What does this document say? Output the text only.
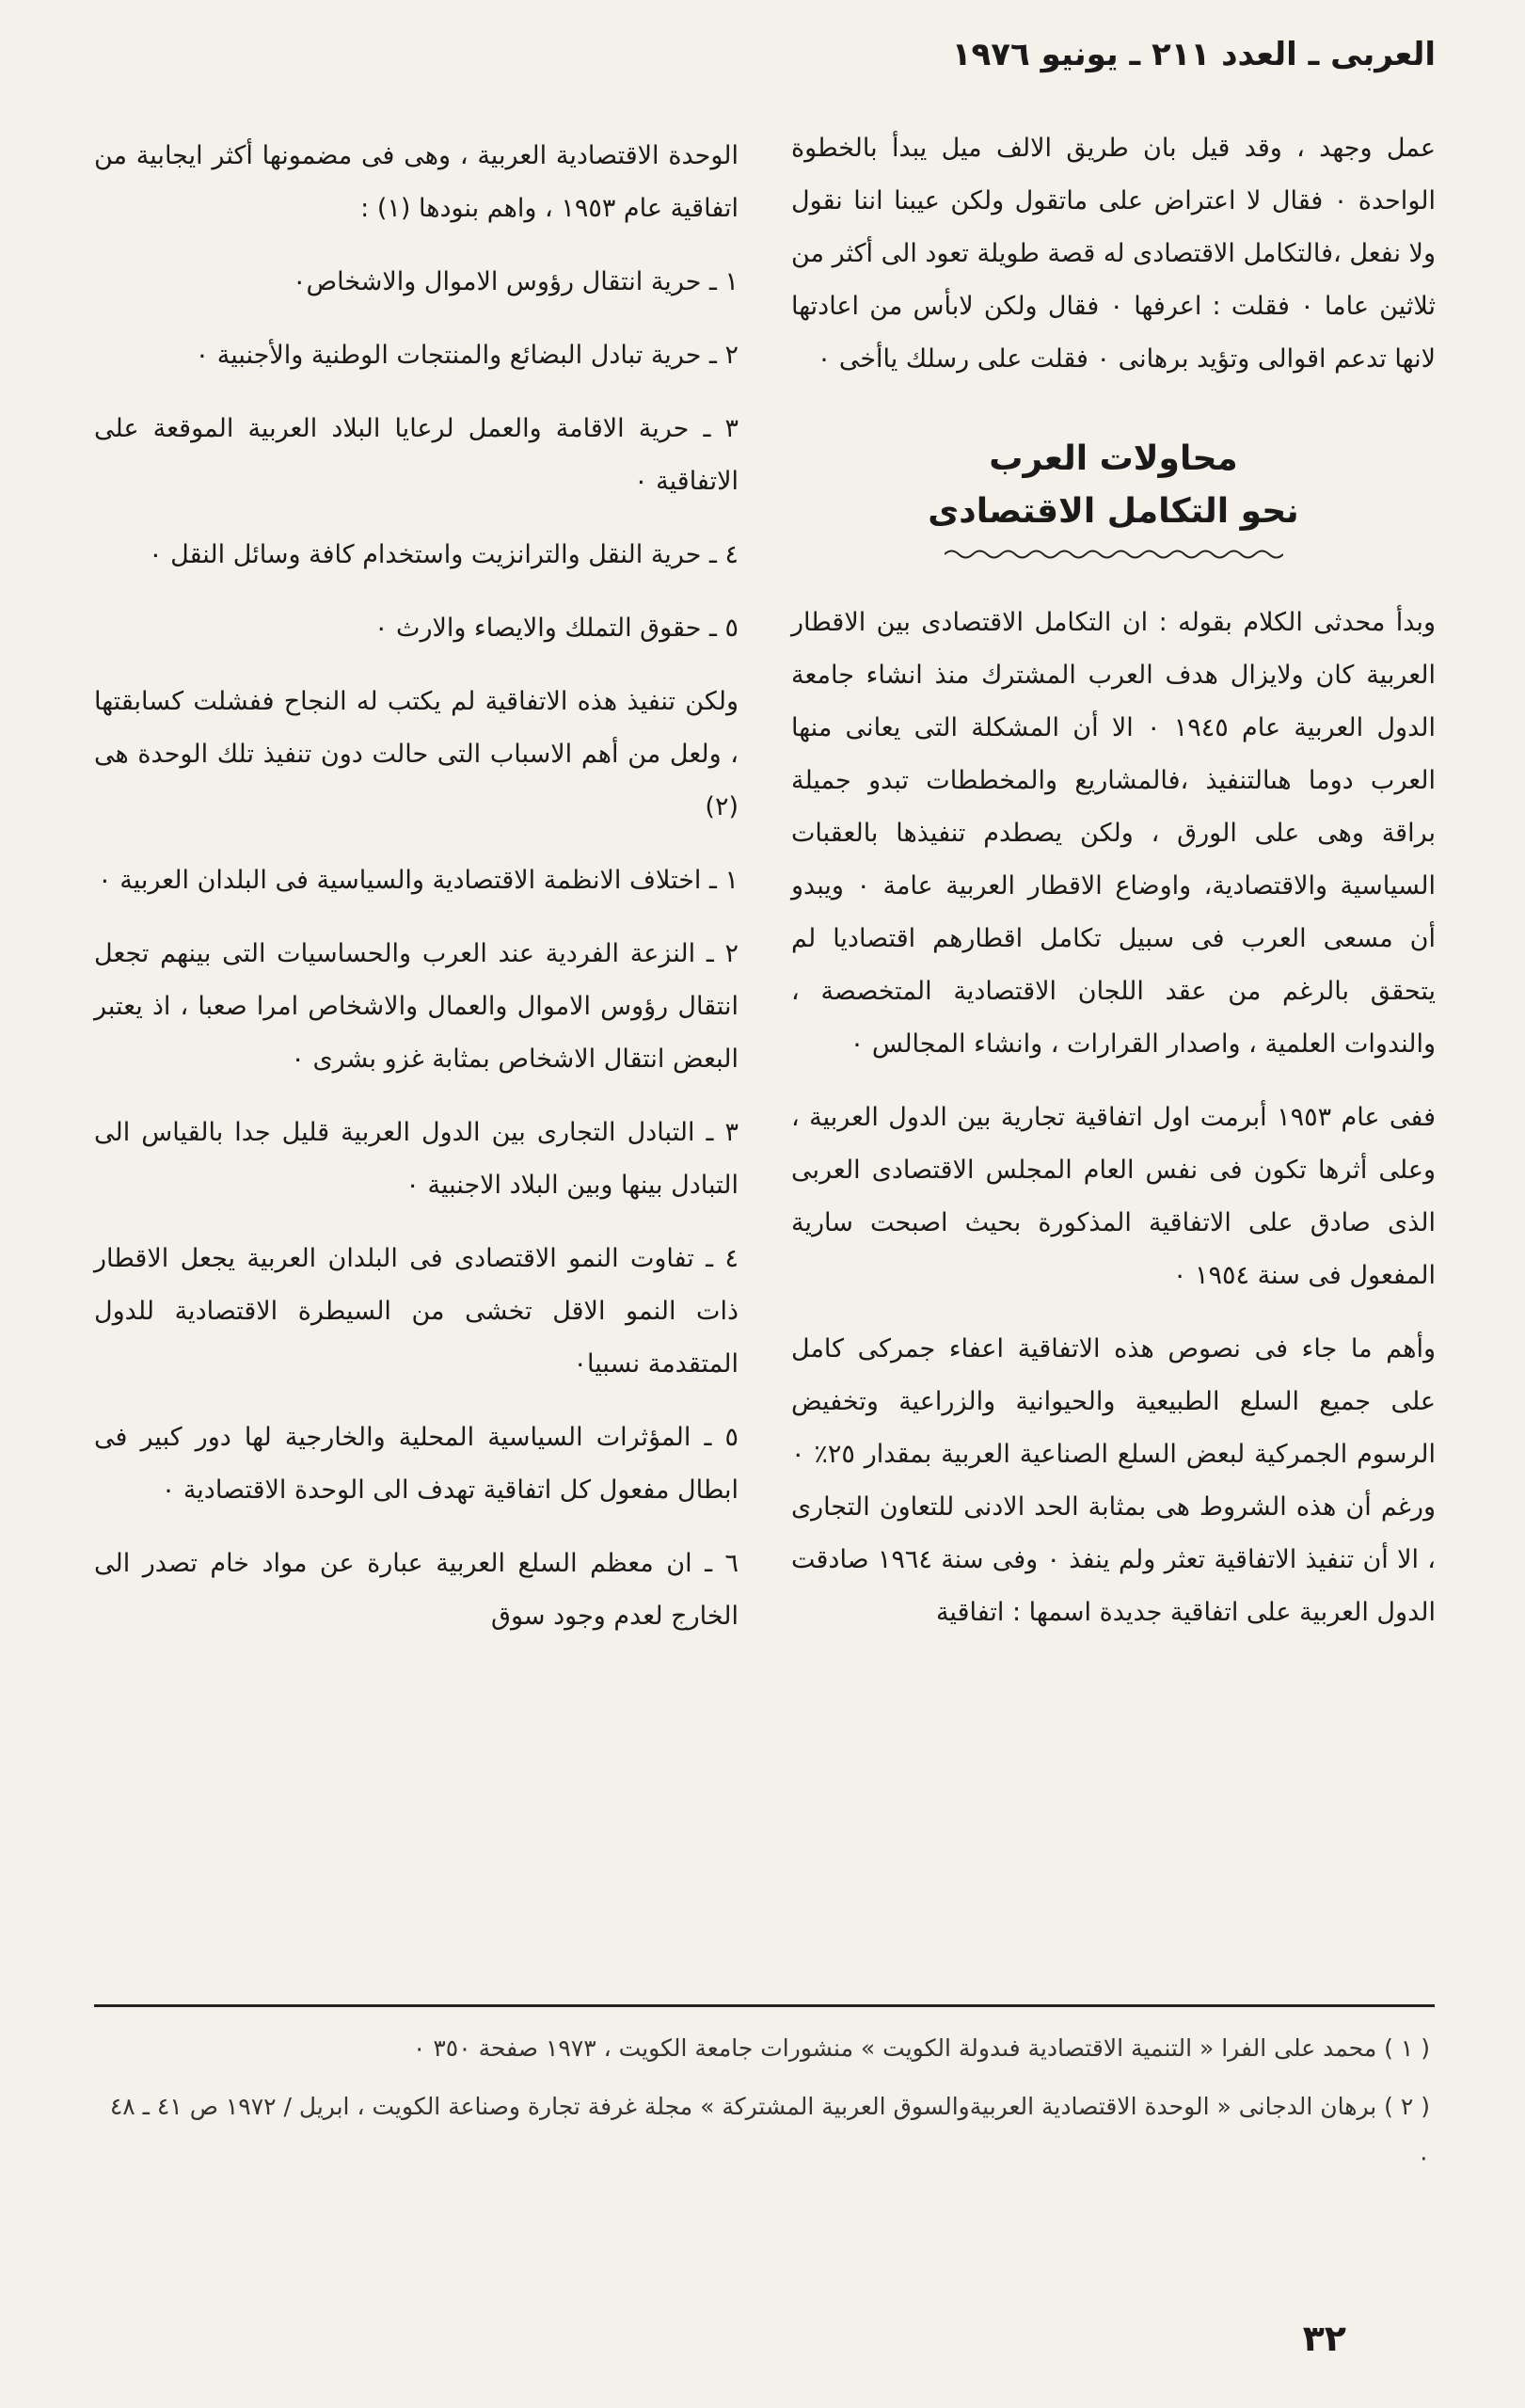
العربى ـ العدد ٢١١ ـ يونيو ١٩٧٦

عمل وجهد ، وقد قيل بان طريق الالف ميل يبدأ بالخطوة الواحدة ٠ فقال لا اعتراض على ماتقول ولكن عيبنا اننا نقول ولا نفعل ،فالتكامل الاقتصادى له قصة طويلة تعود الى أكثر من ثلاثين عاما ٠ فقلت : اعرفها ٠ فقال ولكن لابأس من اعادتها لانها تدعم اقوالى وتؤيد برهانى ٠ فقلت على رسلك ياأخى ٠

محاولات العرب
نحو التكامل الاقتصادى

وبدأ محدثى الكلام بقوله : ان التكامل الاقتصادى بين الاقطار العربية كان ولايزال هدف العرب المشترك منذ انشاء جامعة الدول العربية عام ١٩٤٥ ٠ الا أن المشكلة التى يعانى منها العرب دوما هىالتنفيذ ،فالمشاريع والمخططات تبدو جميلة براقة وهى على الورق ، ولكن يصطدم تنفيذها بالعقبات السياسية والاقتصادية، واوضاع الاقطار العربية عامة ٠ ويبدو أن مسعى العرب فى سبيل تكامل اقطارهم اقتصاديا لم يتحقق بالرغم من عقد اللجان الاقتصادية المتخصصة ، والندوات العلمية ، واصدار القرارات ، وانشاء المجالس ٠

ففى عام ١٩٥٣ أبرمت اول اتفاقية تجارية بين الدول العربية ، وعلى أثرها تكون فى نفس العام المجلس الاقتصادى العربى الذى صادق على الاتفاقية المذكورة بحيث اصبحت سارية المفعول فى سنة ١٩٥٤ ٠

وأهم ما جاء فى نصوص هذه الاتفاقية اعفاء جمركى كامل على جميع السلع الطبيعية والحيوانية والزراعية وتخفيض الرسوم الجمركية لبعض السلع الصناعية العربية بمقدار ٢٥٪ ٠ ورغم أن هذه الشروط هى بمثابة الحد الادنى للتعاون التجارى ، الا أن تنفيذ الاتفاقية تعثر ولم ينفذ ٠ وفى سنة ١٩٦٤ صادقت الدول العربية على اتفاقية جديدة اسمها : اتفاقية

الوحدة الاقتصادية العربية ، وهى فى مضمونها أكثر ايجابية من اتفاقية عام ١٩٥٣ ، واهم بنودها (١) :

١ ـ حرية انتقال رؤوس الاموال والاشخاص٠

٢ ـ حرية تبادل البضائع والمنتجات الوطنية والأجنبية ٠

٣ ـ حرية الاقامة والعمل لرعايا البلاد العربية الموقعة على الاتفاقية ٠

٤ ـ حرية النقل والترانزيت واستخدام كافة وسائل النقل ٠

٥ ـ حقوق التملك والايصاء والارث ٠

ولكن تنفيذ هذه الاتفاقية لم يكتب له النجاح ففشلت كسابقتها ، ولعل من أهم الاسباب التى حالت دون تنفيذ تلك الوحدة هى (٢)

١ ـ اختلاف الانظمة الاقتصادية والسياسية فى البلدان العربية ٠

٢ ـ النزعة الفردية عند العرب والحساسيات التى بينهم تجعل انتقال رؤوس الاموال والعمال والاشخاص امرا صعبا ، اذ يعتبر البعض انتقال الاشخاص بمثابة غزو بشرى ٠

٣ ـ التبادل التجارى بين الدول العربية قليل جدا بالقياس الى التبادل بينها وبين البلاد الاجنبية ٠

٤ ـ تفاوت النمو الاقتصادى فى البلدان العربية يجعل الاقطار ذات النمو الاقل تخشى من السيطرة الاقتصادية للدول المتقدمة نسبيا٠

٥ ـ المؤثرات السياسية المحلية والخارجية لها دور كبير فى ابطال مفعول كل اتفاقية تهدف الى الوحدة الاقتصادية ٠

٦ ـ ان معظم السلع العربية عبارة عن مواد خام تصدر الى الخارج لعدم وجود سوق

( ١ ) محمد على الفرا « التنمية الاقتصادية فىدولة الكويت » منشورات جامعة الكويت ، ١٩٧٣ صفحة ٣٥٠ ٠

( ٢ ) برهان الدجانى « الوحدة الاقتصادية العربيةوالسوق العربية المشتركة » مجلة غرفة تجارة وصناعة الكويت ، ابريل / ١٩٧٢ ص ٤١ ـ ٤٨ ٠

٣٢
